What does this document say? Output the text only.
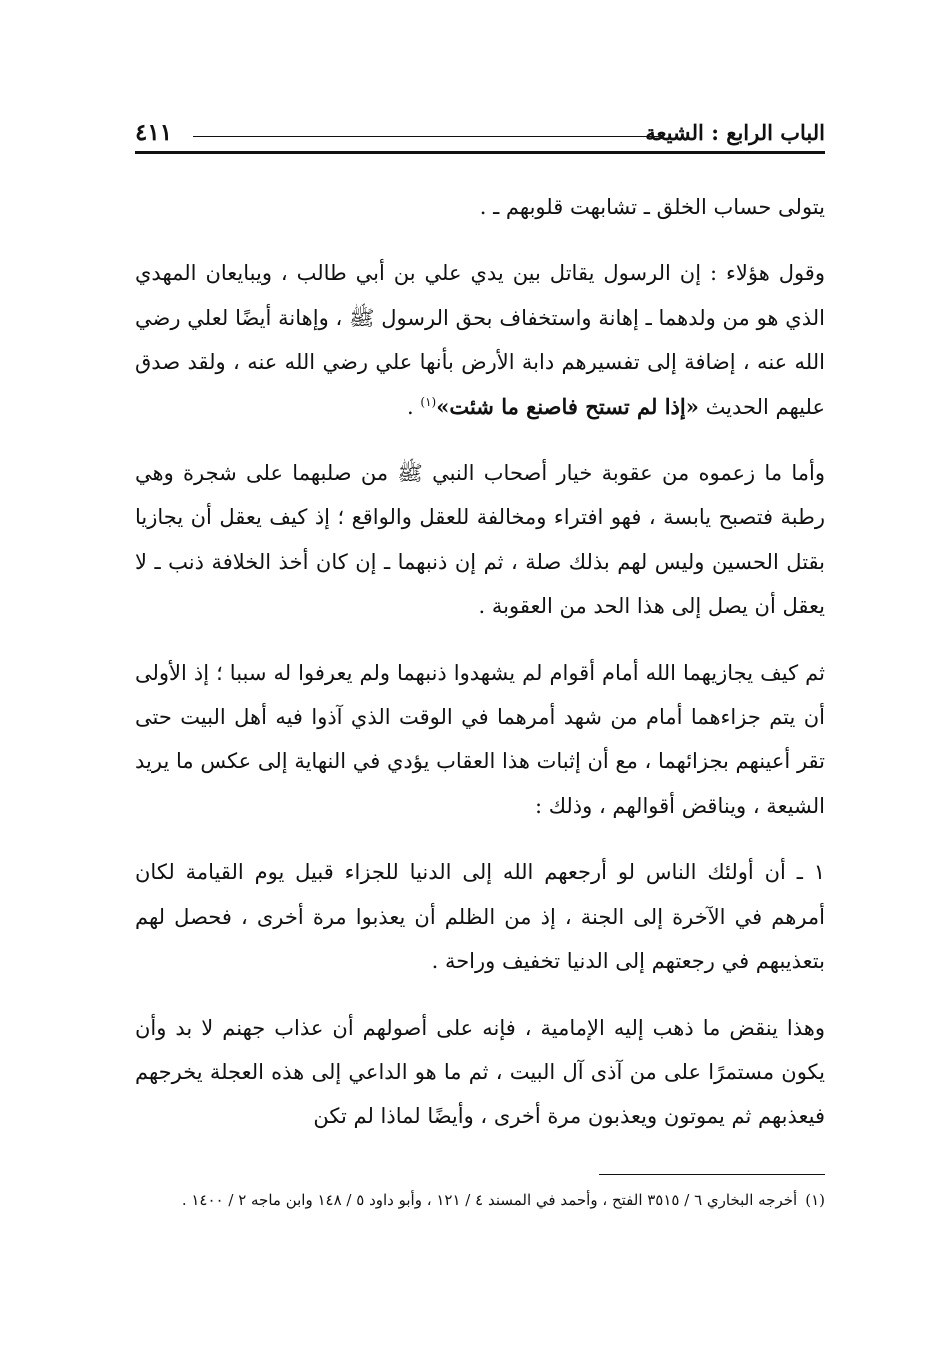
الباب الرابع : الشيعة
٤١١

يتولى حساب الخلق ـ تشابهت قلوبهم ـ .

وقول هؤلاء : إن الرسول يقاتل بين يدي علي بن أبي طالب ، ويبايعان المهدي الذي هو من ولدهما ـ إهانة واستخفاف بحق الرسول ﷺ ، وإهانة أيضًا لعلي رضي الله عنه ، إضافة إلى تفسيرهم دابة الأرض بأنها علي رضي الله عنه ، ولقد صدق عليهم الحديث «إذا لم تستح فاصنع ما شئت»$^{(١)}$ .

وأما ما زعموه من عقوبة خيار أصحاب النبي ﷺ من صلبهما على شجرة وهي رطبة فتصبح يابسة ، فهو افتراء ومخالفة للعقل والواقع ؛ إذ كيف يعقل أن يجازيا بقتل الحسين وليس لهم بذلك صلة ، ثم إن ذنبهما ـ إن كان أخذ الخلافة ذنب ـ لا يعقل أن يصل إلى هذا الحد من العقوبة .

ثم كيف يجازيهما الله أمام أقوام لم يشهدوا ذنبهما ولم يعرفوا له سببا ؛ إذ الأولى أن يتم جزاءهما أمام من شهد أمرهما في الوقت الذي آذوا فيه أهل البيت حتى تقر أعينهم بجزائهما ، مع أن إثبات هذا العقاب يؤدي في النهاية إلى عكس ما يريد الشيعة ، ويناقض أقوالهم ، وذلك :

١ ـ أن أولئك الناس لو أرجعهم الله إلى الدنيا للجزاء قبيل يوم القيامة لكان أمرهم في الآخرة إلى الجنة ، إذ من الظلم أن يعذبوا مرة أخرى ، فحصل لهم بتعذيبهم في رجعتهم إلى الدنيا تخفيف وراحة .

وهذا ينقض ما ذهب إليه الإمامية ، فإنه على أصولهم أن عذاب جهنم لا بد وأن يكون مستمرًا على من آذى آل البيت ، ثم ما هو الداعي إلى هذه العجلة يخرجهم فيعذبهم ثم يموتون ويعذبون مرة أخرى ، وأيضًا لماذا لم تكن

(١)أخرجه البخاري ٦ / ٣٥١٥ الفتح ، وأحمد في المسند ٤ / ١٢١ ، وأبو داود ٥ / ١٤٨ وابن ماجه ٢ / ١٤٠٠ .
